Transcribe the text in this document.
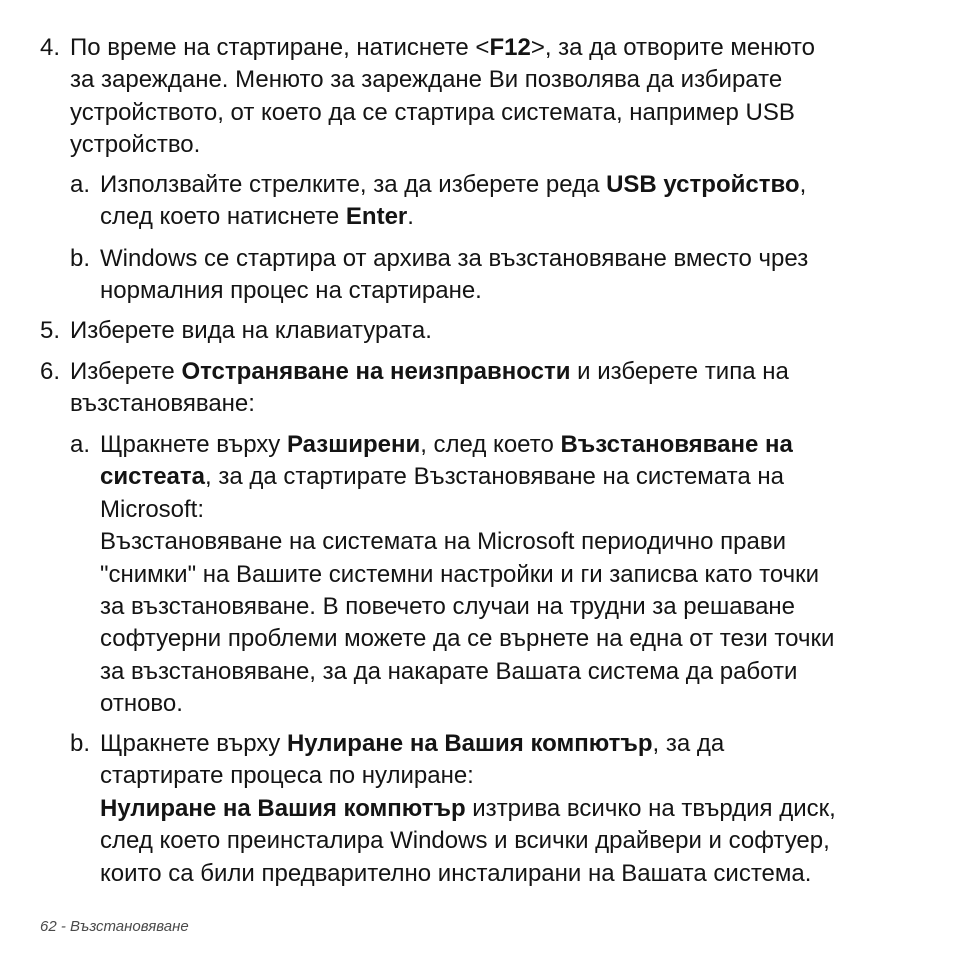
4. По време на стартиране, натиснете <F12>, за да отворите менюто
за зареждане. Менюто за зареждане Ви позволява да избирате
устройството, от което да се стартира системата, например USB
устройство.
a. Използвайте стрелките, за да изберете реда USB устройство,
след което натиснете Enter.
b. Windows се стартира от архива за възстановяване вместо чрез
нормалния процес на стартиране.
5. Изберете вида на клавиатурата.
6. Изберете Отстраняване на неизправности и изберете типа на
възстановяване:
a. Щракнете върху Разширени, след което Възстановяване на
систеата, за да стартирате Възстановяване на системата на
Microsoft:
Възстановяване на системата на Microsoft периодично прави
"снимки" на Вашите системни настройки и ги записва като точки
за възстановяване. В повечето случаи на трудни за решаване
софтуерни проблеми можете да се върнете на една от тези точки
за възстановяване, за да накарате Вашата система да работи
отново.
b. Щракнете върху Нулиране на Вашия компютър, за да
стартирате процеса по нулиране:
Нулиране на Вашия компютър изтрива всичко на твърдия диск,
след което преинсталира Windows и всички драйвери и софтуер,
които са били предварително инсталирани на Вашата система.
62 - Възстановяване
